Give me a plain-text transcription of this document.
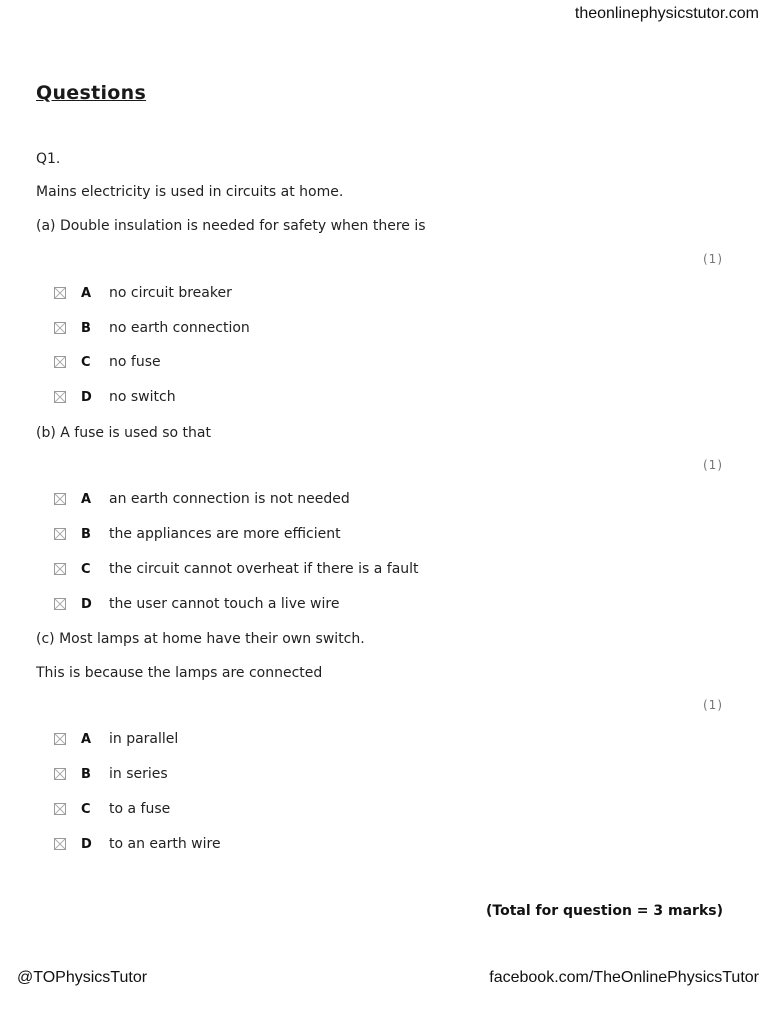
theonlinephysicstutor.com
Questions
Q1.
Mains electricity is used in circuits at home.
(a) Double insulation is needed for safety when there is
(1)
A no circuit breaker
B no earth connection
C	no fuse
D no switch
(b) A fuse is used so that
(1)
A an earth connection is not needed
B the appliances are more efficient
C	the circuit cannot overheat if there is a fault
D the user cannot touch a live wire
(c) Most lamps at home have their own switch.
This is because the lamps are connected
(1)
A in parallel
B in series
C	to a fuse
D to an earth wire
(Total for question = 3 marks)
@TOPhysicsTutor	facebook.com/TheOnlinePhysicsTutor
